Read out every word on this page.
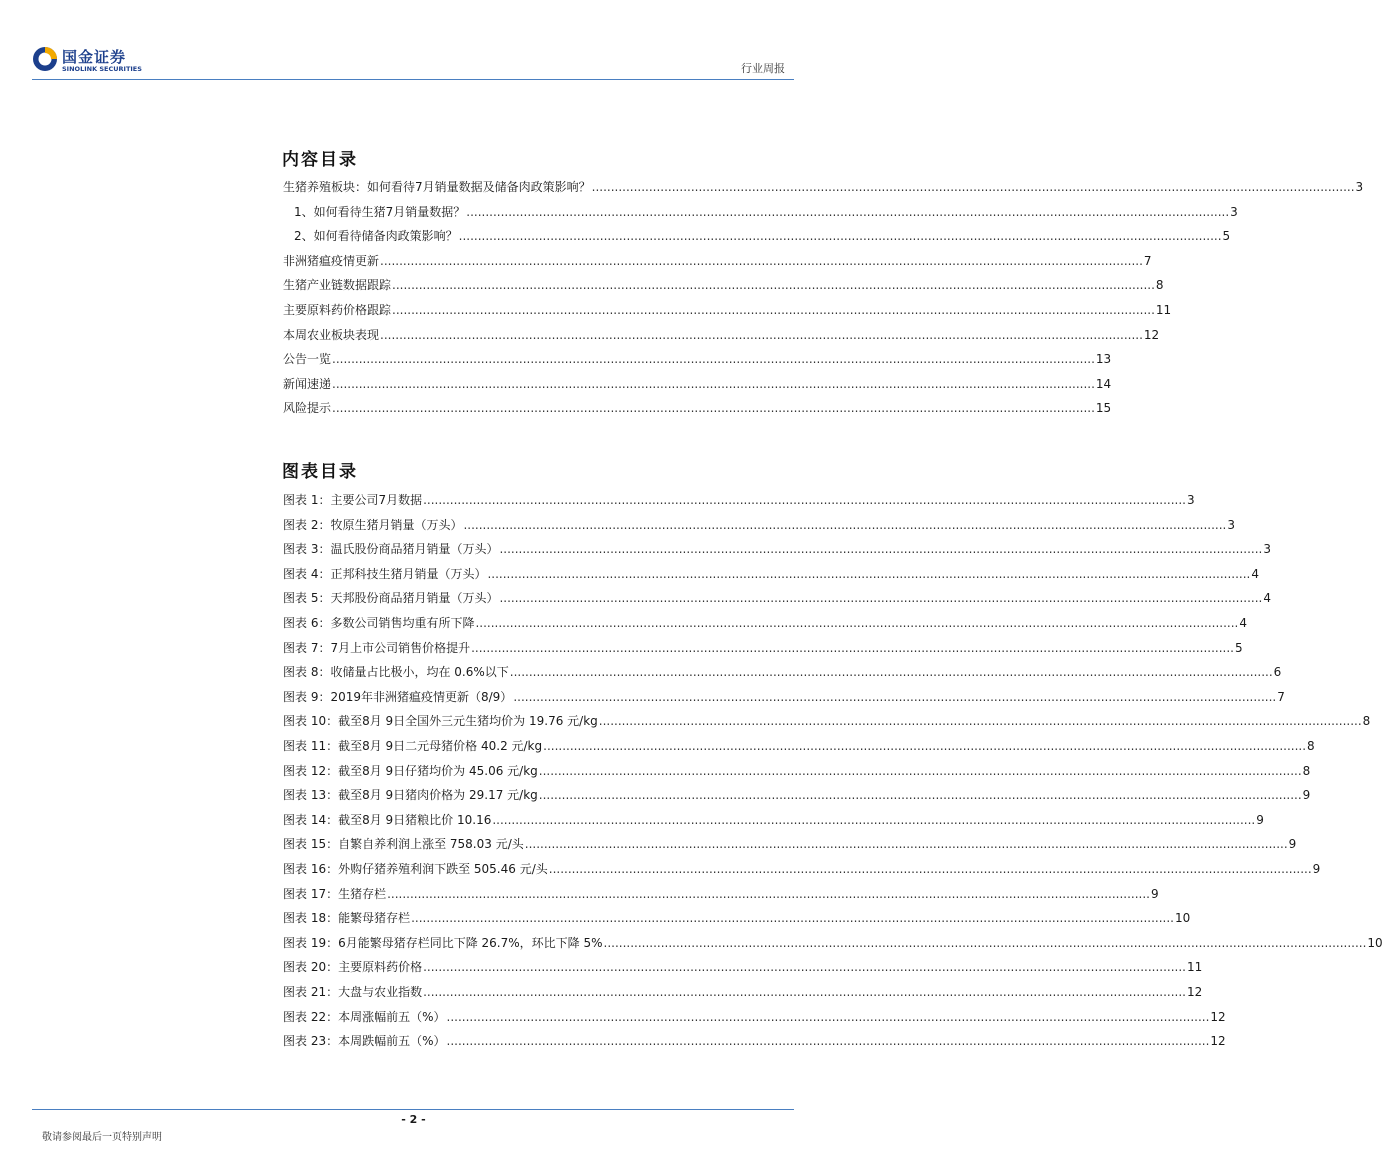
国金证券
SINOLINK SECURITIES	行业周报
内容目录
生猪养殖板块：如何看待7月销量数据及储备肉政策影响？ ........................................................................................................................................................................................................ 3
1、如何看待生猪7月销量数据？ ........................................................................................................................................................................................................ 3
2、如何看待储备肉政策影响？ ........................................................................................................................................................................................................ 5
非洲猪瘟疫情更新 ........................................................................................................................................................................................................ 7
生猪产业链数据跟踪 ........................................................................................................................................................................................................ 8
主要原料药价格跟踪 ........................................................................................................................................................................................................ 11
本周农业板块表现 ........................................................................................................................................................................................................ 12
公告一览 ........................................................................................................................................................................................................ 13
新闻速递 ........................................................................................................................................................................................................ 14
风险提示 ........................................................................................................................................................................................................ 15
图表目录
图表 1：主要公司7月数据 ........................................................................................................................................................................................................ 3
图表 2：牧原生猪月销量（万头） ........................................................................................................................................................................................................ 3
图表 3：温氏股份商品猪月销量（万头） ........................................................................................................................................................................................................ 3
图表 4：正邦科技生猪月销量（万头） ........................................................................................................................................................................................................ 4
图表 5：天邦股份商品猪月销量（万头） ........................................................................................................................................................................................................ 4
图表 6：多数公司销售均重有所下降 ........................................................................................................................................................................................................ 4
图表 7：7月上市公司销售价格提升 ........................................................................................................................................................................................................ 5
图表 8：收储量占比极小，均在 0.6%以下 ........................................................................................................................................................................................................ 6
图表 9：2019年非洲猪瘟疫情更新（8/9） ........................................................................................................................................................................................................ 7
图表 10：截至8月 9日全国外三元生猪均价为 19.76 元/kg ........................................................................................................................................................................................................ 8
图表 11：截至8月 9日二元母猪价格 40.2 元/kg ........................................................................................................................................................................................................ 8
图表 12：截至8月 9日仔猪均价为 45.06 元/kg ........................................................................................................................................................................................................ 8
图表 13：截至8月 9日猪肉价格为 29.17 元/kg ........................................................................................................................................................................................................ 9
图表 14：截至8月 9日猪粮比价 10.16 ........................................................................................................................................................................................................ 9
图表 15：自繁自养利润上涨至 758.03 元/头 ........................................................................................................................................................................................................ 9
图表 16：外购仔猪养殖利润下跌至 505.46 元/头 ........................................................................................................................................................................................................ 9
图表 17：生猪存栏 ........................................................................................................................................................................................................ 9
图表 18：能繁母猪存栏 ........................................................................................................................................................................................................ 10
图表 19：6月能繁母猪存栏同比下降 26.7%，环比下降 5% ........................................................................................................................................................................................................ 10
图表 20：主要原料药价格 ........................................................................................................................................................................................................ 11
图表 21：大盘与农业指数 ........................................................................................................................................................................................................ 12
图表 22：本周涨幅前五（%） ........................................................................................................................................................................................................ 12
图表 23：本周跌幅前五（%） ........................................................................................................................................................................................................ 12
- 2 -
敬请参阅最后一页特别声明
